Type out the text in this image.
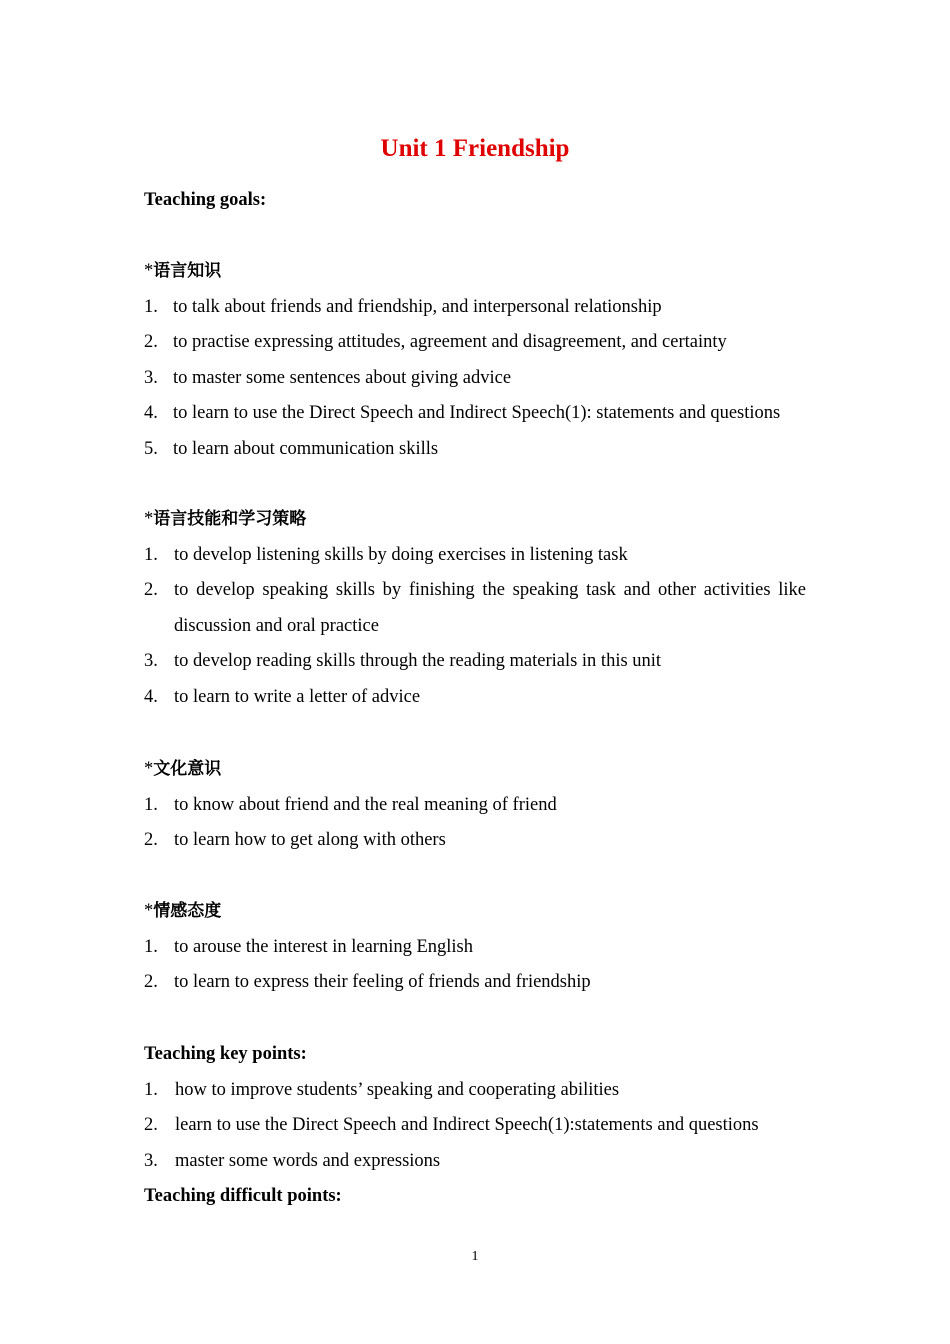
Unit 1 Friendship
Teaching goals:
*语言知识
1. to talk about friends and friendship, and interpersonal relationship
2. to practise expressing attitudes, agreement and disagreement, and certainty
3. to master some sentences about giving advice
4. to learn to use the Direct Speech and Indirect Speech(1): statements and questions
5. to learn about communication skills
*语言技能和学习策略
1. to develop listening skills by doing exercises in listening task
2. to develop speaking skills by finishing the speaking task and other activities like discussion and oral practice
3. to develop reading skills through the reading materials in this unit
4. to learn to write a letter of advice
*文化意识
1. to know about friend and the real meaning of friend
2. to learn how to get along with others
*情感态度
1. to arouse the interest in learning English
2. to learn to express their feeling of friends and friendship
Teaching key points:
1. how to improve students’ speaking and cooperating abilities
2. learn to use the Direct Speech and Indirect Speech(1):statements and questions
3. master some words and expressions
Teaching difficult points:
1
